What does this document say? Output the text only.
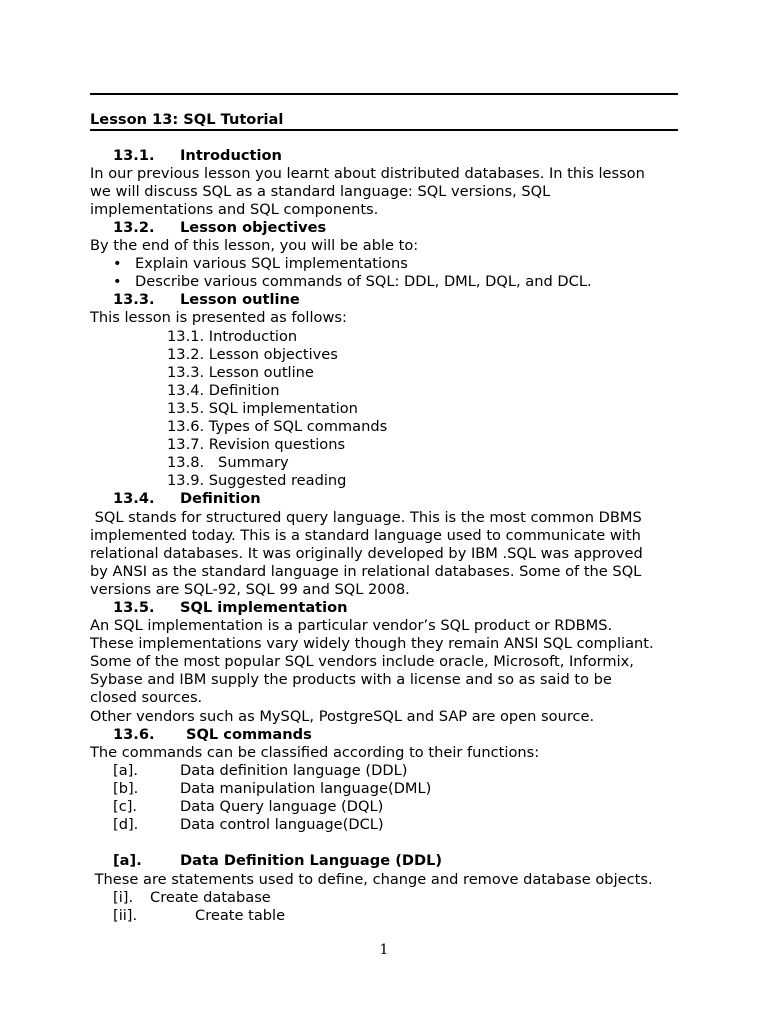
Lesson 13: SQL Tutorial
13.1. Introduction
In our previous lesson you learnt about distributed databases. In this lesson
we will discuss SQL as a standard language: SQL versions, SQL
implementations and SQL components.
13.2. Lesson objectives
By the end of this lesson, you will be able to:
• Explain various SQL implementations
• Describe various commands of SQL: DDL, DML, DQL, and DCL.
13.3. Lesson outline
This lesson is presented as follows:
13.1. Introduction
13.2. Lesson objectives
13.3. Lesson outline
13.4. Definition
13.5. SQL implementation
13.6. Types of SQL commands
13.7. Revision questions
13.8.   Summary
13.9. Suggested reading
13.4. Definition
SQL stands for structured query language. This is the most common DBMS
implemented today. This is a standard language used to communicate with
relational databases. It was originally developed by IBM .SQL was approved
by ANSI as the standard language in relational databases. Some of the SQL
versions are SQL-92, SQL 99 and SQL 2008.
13.5. SQL implementation
An SQL implementation is a particular vendor’s SQL product or RDBMS.
These implementations vary widely though they remain ANSI SQL compliant.
Some of the most popular SQL vendors include oracle, Microsoft, Informix,
Sybase and IBM supply the products with a license and so as said to be
closed sources.
Other vendors such as MySQL, PostgreSQL and SAP are open source.
13.6. SQL commands
The commands can be classified according to their functions:
[a].	Data definition language (DDL)
[b].	Data manipulation language(DML)
[c].	Data Query language (DQL)
[d].	Data control language(DCL)
[a].	Data Definition Language (DDL)
These are statements used to define, change and remove database objects.
[i]. Create database
[ii].	Create table
1
